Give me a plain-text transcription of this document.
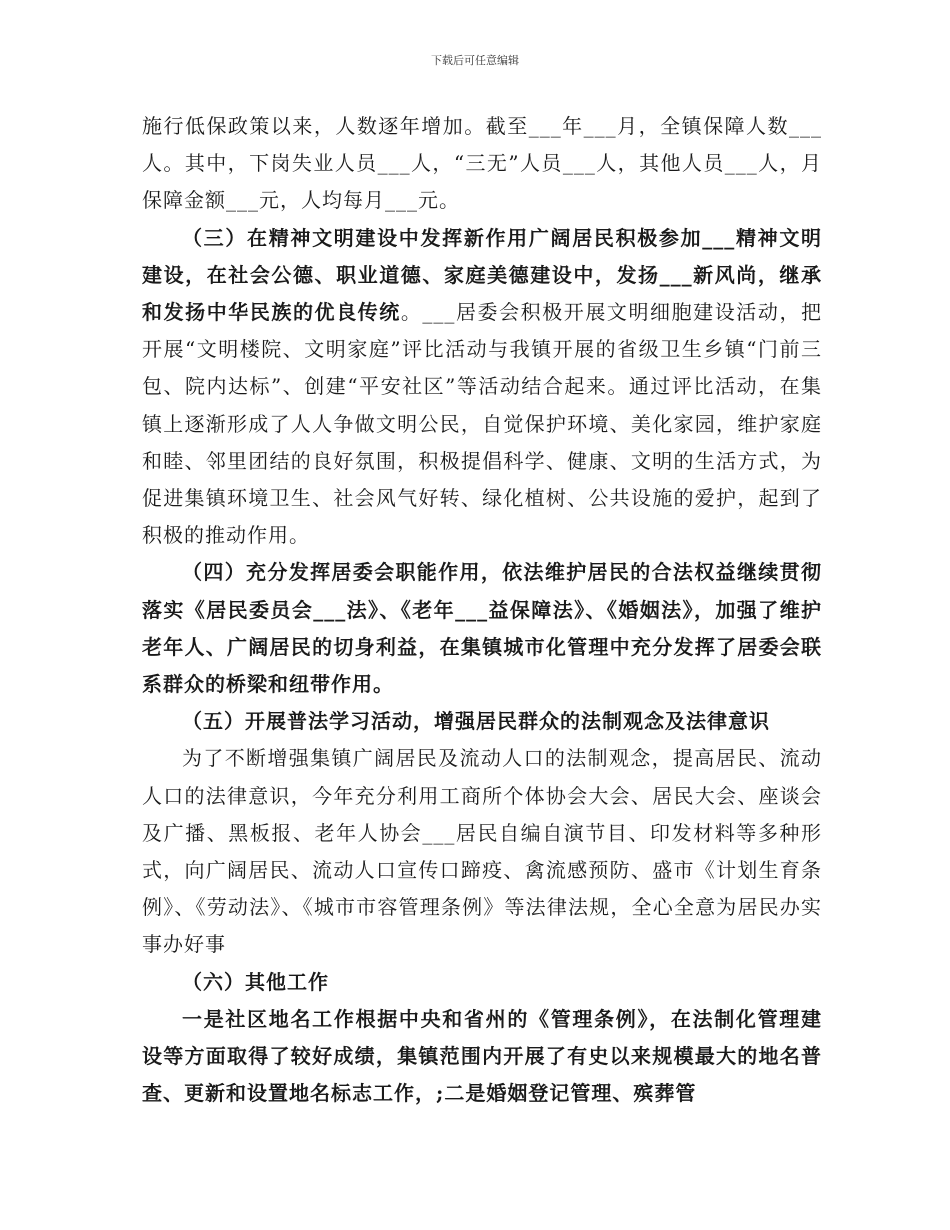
下载后可任意编辑

施行低保政策以来，人数逐年增加。截至___年___月，全镇保障人数___人。其中，下岗失业人员___人，“三无”人员___人，其他人员___人，月保障金额___元，人均每月___元。

（三）在精神文明建设中发挥新作用广阔居民积极参加___精神文明建设，在社会公德、职业道德、家庭美德建设中，发扬___新风尚，继承和发扬中华民族的优良传统。___居委会积极开展文明细胞建设活动，把开展“文明楼院、文明家庭”评比活动与我镇开展的省级卫生乡镇“门前三包、院内达标”、创建“平安社区”等活动结合起来。通过评比活动，在集镇上逐渐形成了人人争做文明公民，自觉保护环境、美化家园，维护家庭和睦、邻里团结的良好氛围，积极提倡科学、健康、文明的生活方式，为促进集镇环境卫生、社会风气好转、绿化植树、公共设施的爱护，起到了积极的推动作用。

（四）充分发挥居委会职能作用，依法维护居民的合法权益继续贯彻落实《居民委员会___法》、《老年___益保障法》、《婚姻法》，加强了维护老年人、广阔居民的切身利益，在集镇城市化管理中充分发挥了居委会联系群众的桥梁和纽带作用。

（五）开展普法学习活动，增强居民群众的法制观念及法律意识

为了不断增强集镇广阔居民及流动人口的法制观念，提高居民、流动人口的法律意识，今年充分利用工商所个体协会大会、居民大会、座谈会及广播、黑板报、老年人协会___居民自编自演节目、印发材料等多种形式，向广阔居民、流动人口宣传口蹄疫、禽流感预防、盛市《计划生育条例》、《劳动法》、《城市市容管理条例》等法律法规，全心全意为居民办实事办好事

（六）其他工作

一是社区地名工作根据中央和省州的《管理条例》，在法制化管理建设等方面取得了较好成绩，集镇范围内开展了有史以来规模最大的地名普查、更新和设置地名标志工作，;二是婚姻登记管理、殡葬管
